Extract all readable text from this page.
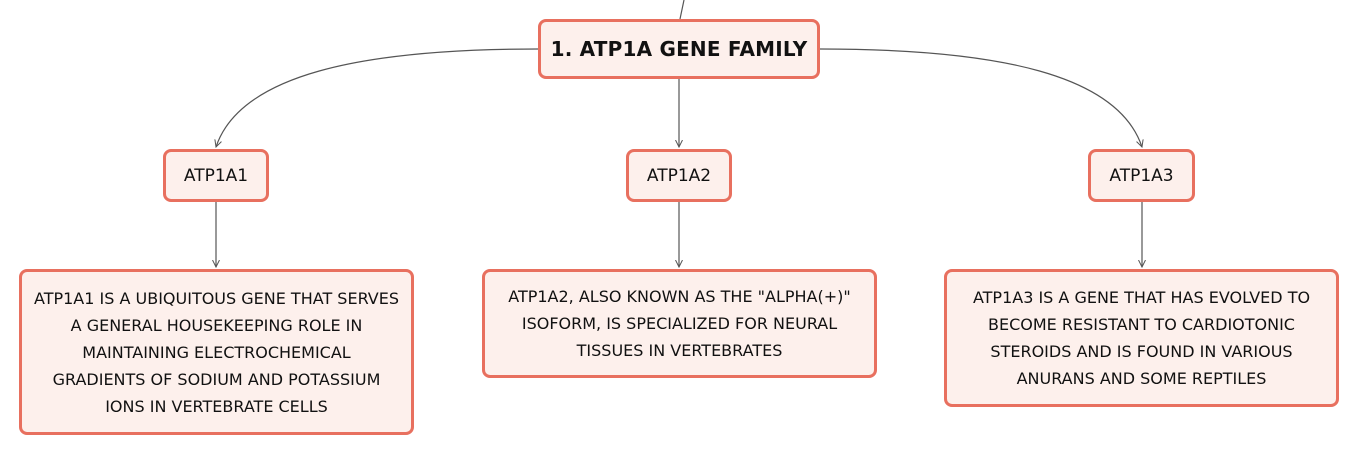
1. ATP1A GENE FAMILY
ATP1A1	ATP1A2	ATP1A3
ATP1A1 IS A UBIQUITOUS GENE THAT SERVES A GENERAL HOUSEKEEPING ROLE IN MAINTAINING ELECTROCHEMICAL GRADIENTS OF SODIUM AND POTASSIUM IONS IN VERTEBRATE CELLS
ATP1A2, ALSO KNOWN AS THE "ALPHA(+)" ISOFORM, IS SPECIALIZED FOR NEURAL TISSUES IN VERTEBRATES
ATP1A3 IS A GENE THAT HAS EVOLVED TO BECOME RESISTANT TO CARDIOTONIC STEROIDS AND IS FOUND IN VARIOUS ANURANS AND SOME REPTILES
